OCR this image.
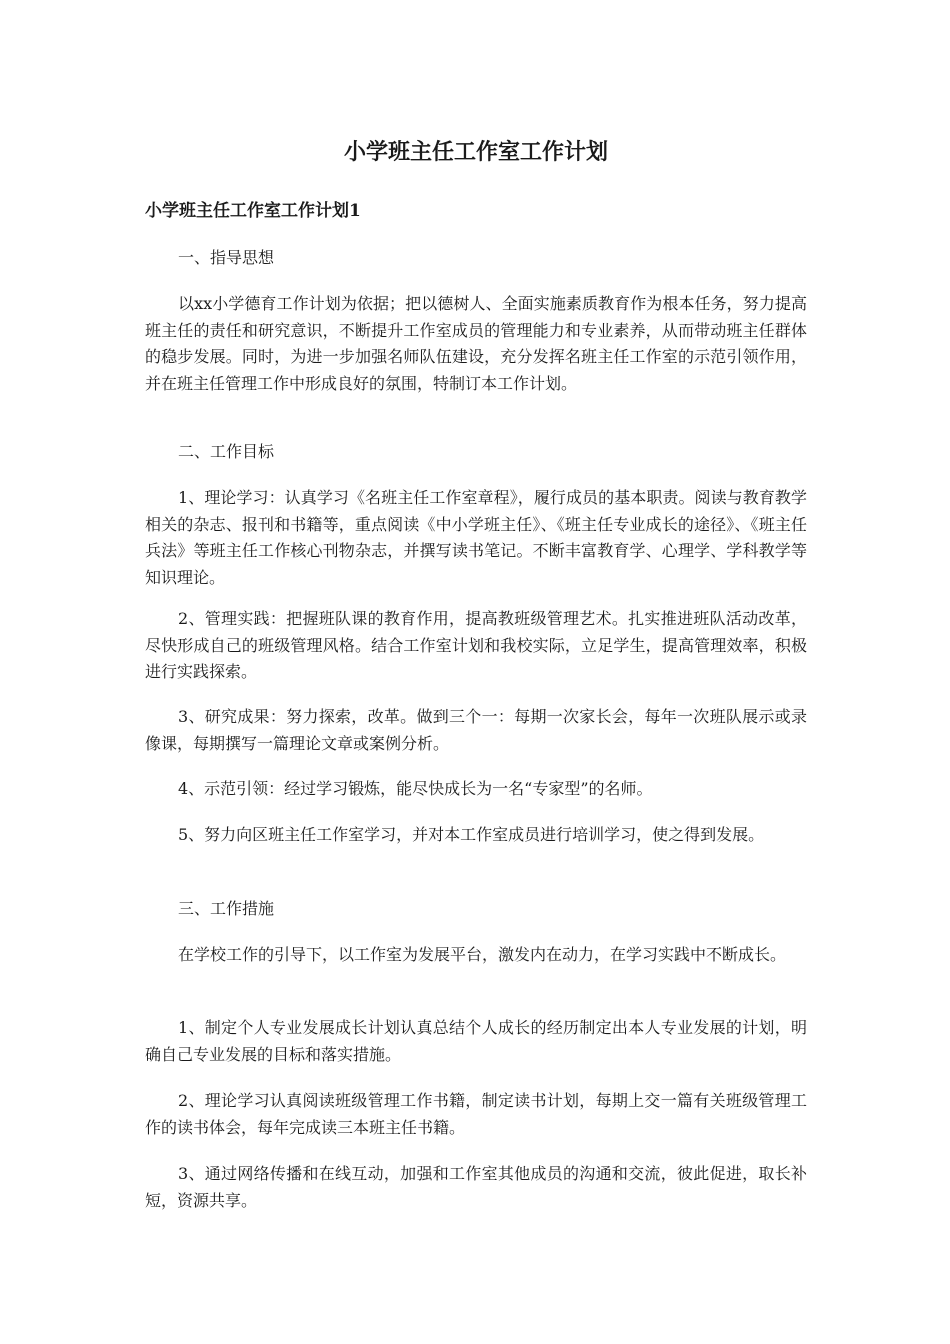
小学班主任工作室工作计划
小学班主任工作室工作计划1

一、指导思想

以xx小学德育工作计划为依据；把以德树人、全面实施素质教育作为根本任务，努力提高班主任的责任和研究意识，不断提升工作室成员的管理能力和专业素养，从而带动班主任群体的稳步发展。同时，为进一步加强名师队伍建设，充分发挥名班主任工作室的示范引领作用，并在班主任管理工作中形成良好的氛围，特制订本工作计划。

二、工作目标

1、理论学习：认真学习《名班主任工作室章程》，履行成员的基本职责。阅读与教育教学相关的杂志、报刊和书籍等，重点阅读《中小学班主任》、《班主任专业成长的途径》、《班主任兵法》等班主任工作核心刊物杂志，并撰写读书笔记。不断丰富教育学、心理学、学科教学等知识理论。

2、管理实践：把握班队课的教育作用，提高教班级管理艺术。扎实推进班队活动改革，尽快形成自己的班级管理风格。结合工作室计划和我校实际，立足学生，提高管理效率，积极进行实践探索。

3、研究成果：努力探索，改革。做到三个一：每期一次家长会，每年一次班队展示或录像课，每期撰写一篇理论文章或案例分析。

4、示范引领：经过学习锻炼，能尽快成长为一名“专家型”的名师。

5、努力向区班主任工作室学习，并对本工作室成员进行培训学习，使之得到发展。

三、工作措施

在学校工作的引导下，以工作室为发展平台，激发内在动力，在学习实践中不断成长。

1、制定个人专业发展成长计划认真总结个人成长的经历制定出本人专业发展的计划，明确自己专业发展的目标和落实措施。

2、理论学习认真阅读班级管理工作书籍，制定读书计划，每期上交一篇有关班级管理工作的读书体会，每年完成读三本班主任书籍。

3、通过网络传播和在线互动，加强和工作室其他成员的沟通和交流，彼此促进，取长补短，资源共享。
